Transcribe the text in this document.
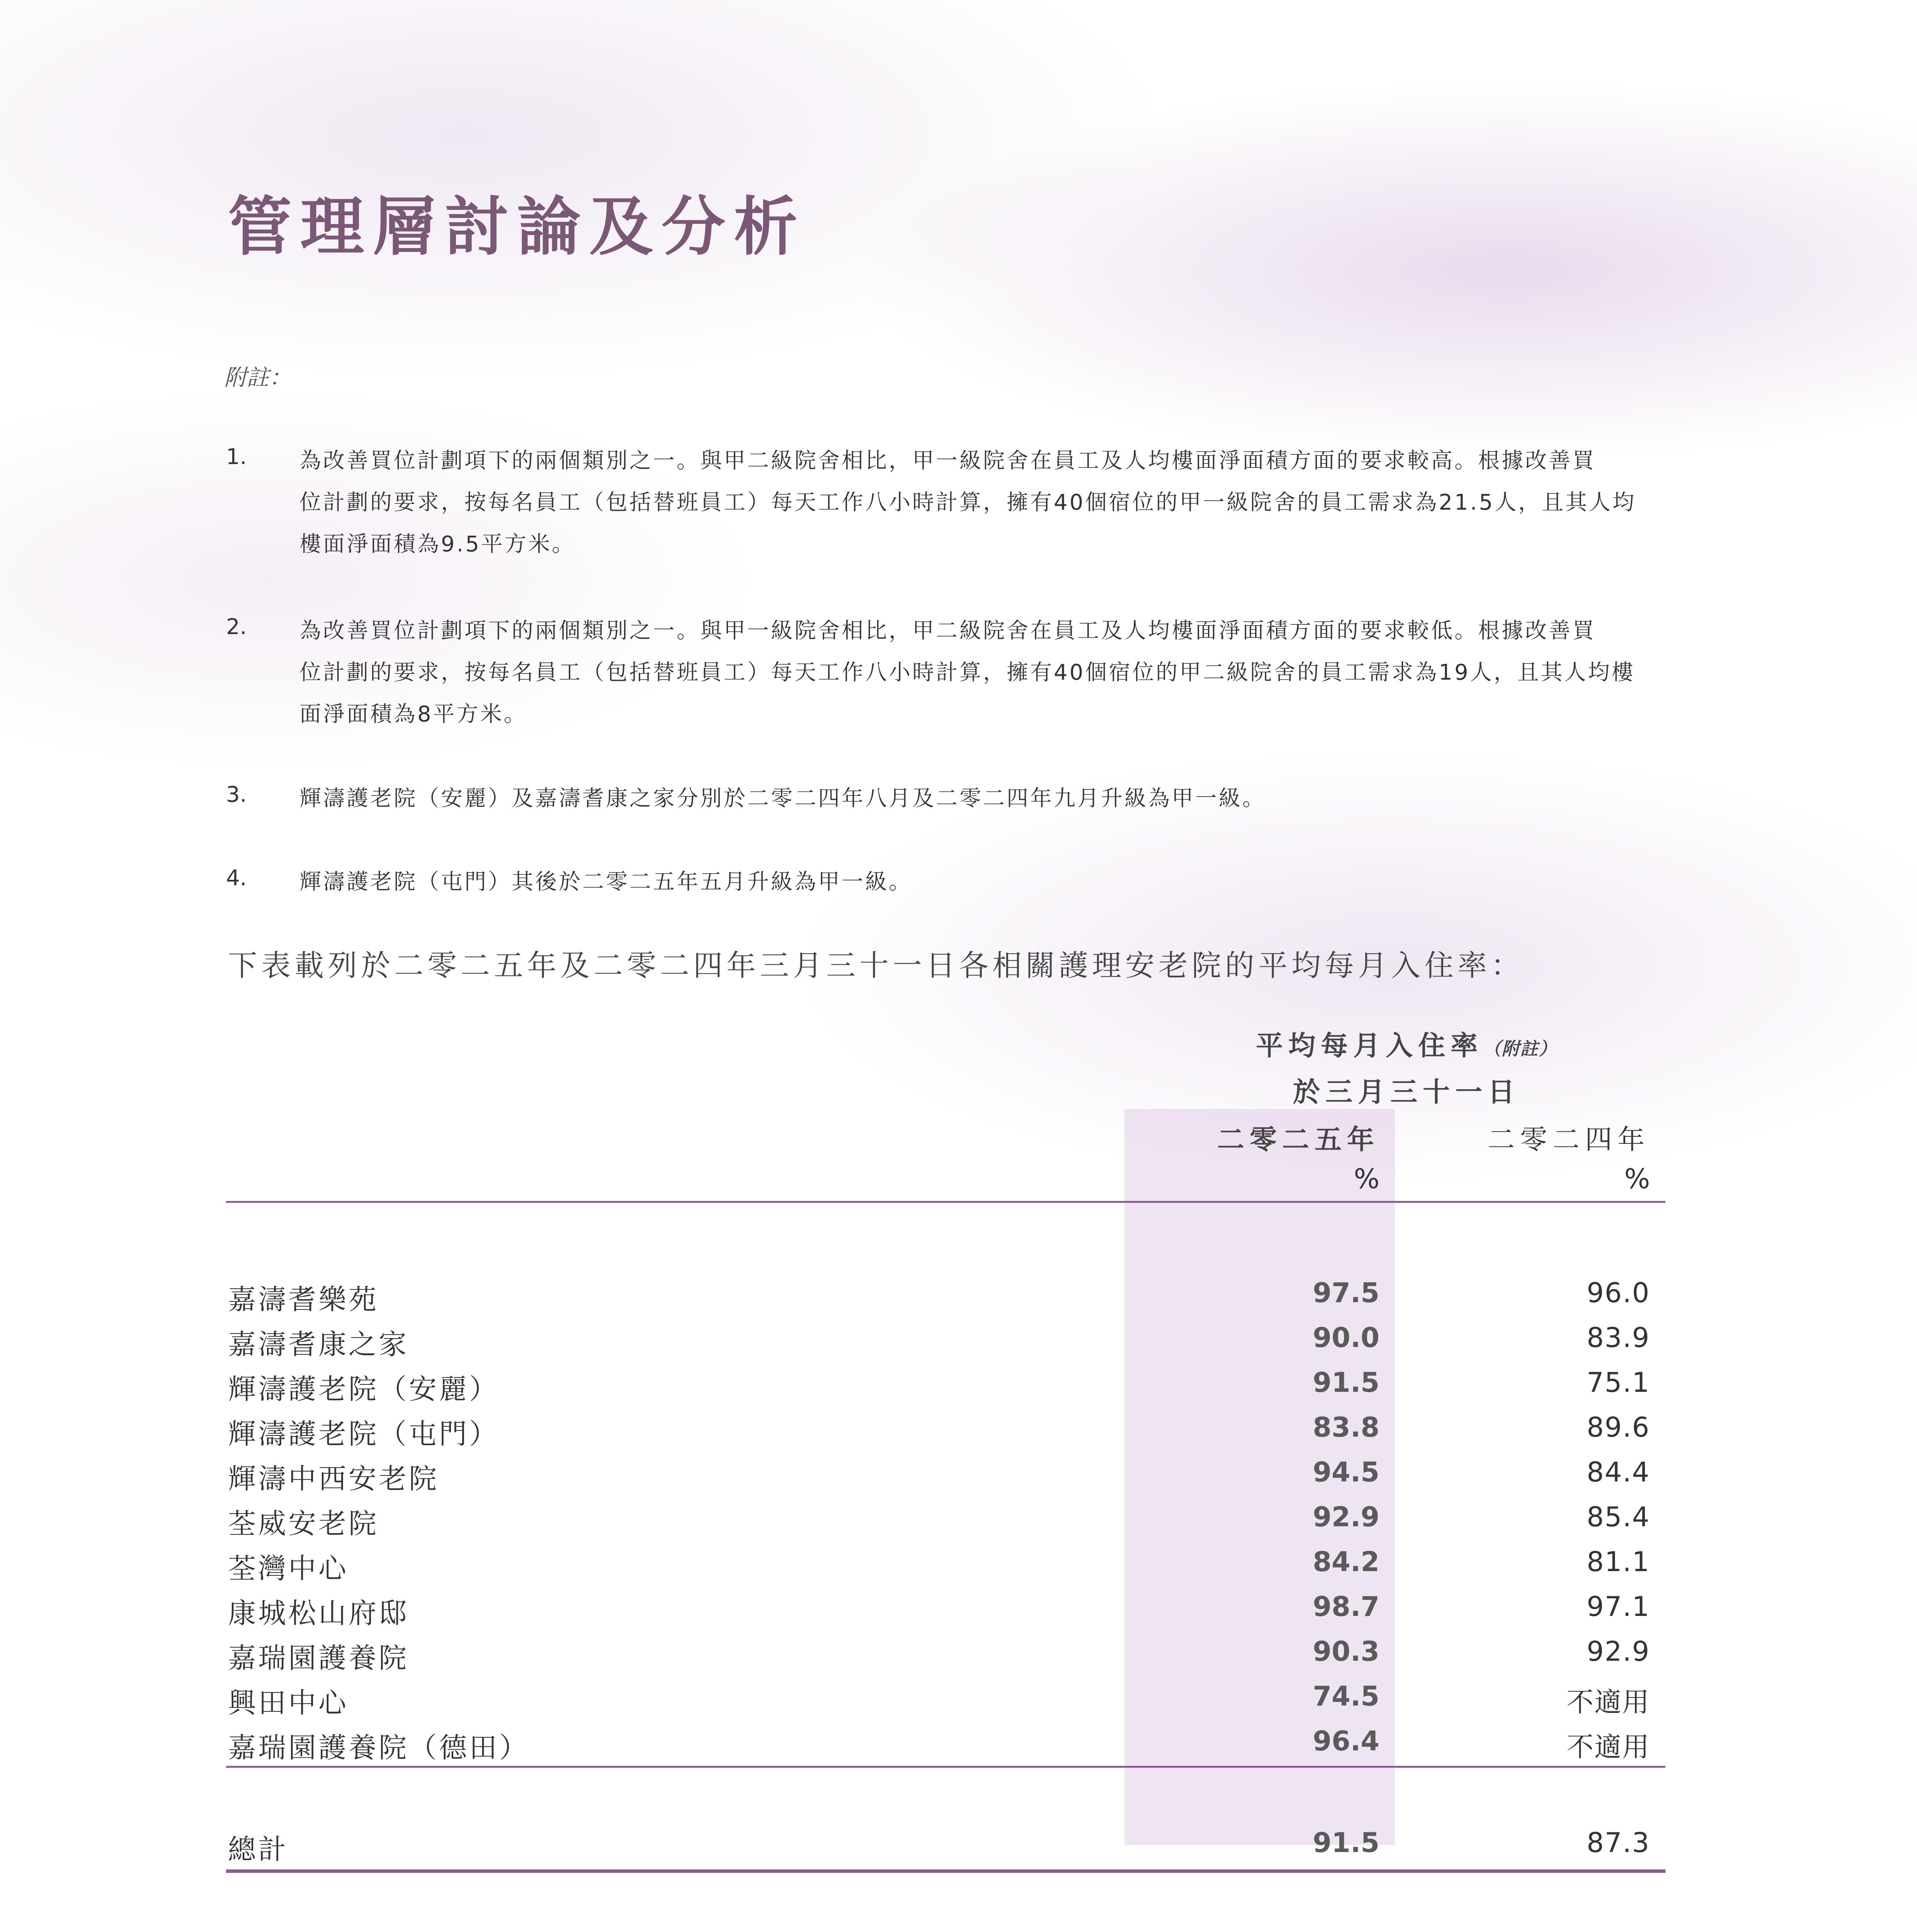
管理層討論及分析
附註：
1. 為改善買位計劃項下的兩個類別之一。與甲二級院舍相比，甲一級院舍在員工及人均樓面淨面積方面的要求較高。根據改善買
位計劃的要求，按每名員工（包括替班員工）每天工作八小時計算，擁有40個宿位的甲一級院舍的員工需求為21.5人，且其人均
樓面淨面積為9.5平方米。
2. 為改善買位計劃項下的兩個類別之一。與甲一級院舍相比，甲二級院舍在員工及人均樓面淨面積方面的要求較低。根據改善買
位計劃的要求，按每名員工（包括替班員工）每天工作八小時計算，擁有40個宿位的甲二級院舍的員工需求為19人，且其人均樓
面淨面積為8平方米。
3. 輝濤護老院（安麗）及嘉濤耆康之家分別於二零二四年八月及二零二四年九月升級為甲一級。
4. 輝濤護老院（屯門）其後於二零二五年五月升級為甲一級。
下表載列於二零二五年及二零二四年三月三十一日各相關護理安老院的平均每月入住率：
平均每月入住率（附註）
於三月三十一日
二零二五年	二零二四年
%	%
嘉濤耆樂苑	97.5	96.0
嘉濤耆康之家	90.0	83.9
輝濤護老院（安麗）	91.5	75.1
輝濤護老院（屯門）	83.8	89.6
輝濤中西安老院	94.5	84.4
荃威安老院	92.9	85.4
荃灣中心	84.2	81.1
康城松山府邸	98.7	97.1
嘉瑞園護養院	90.3	92.9
興田中心	74.5	不適用
嘉瑞園護養院（德田）	96.4	不適用
總計	91.5	87.3
